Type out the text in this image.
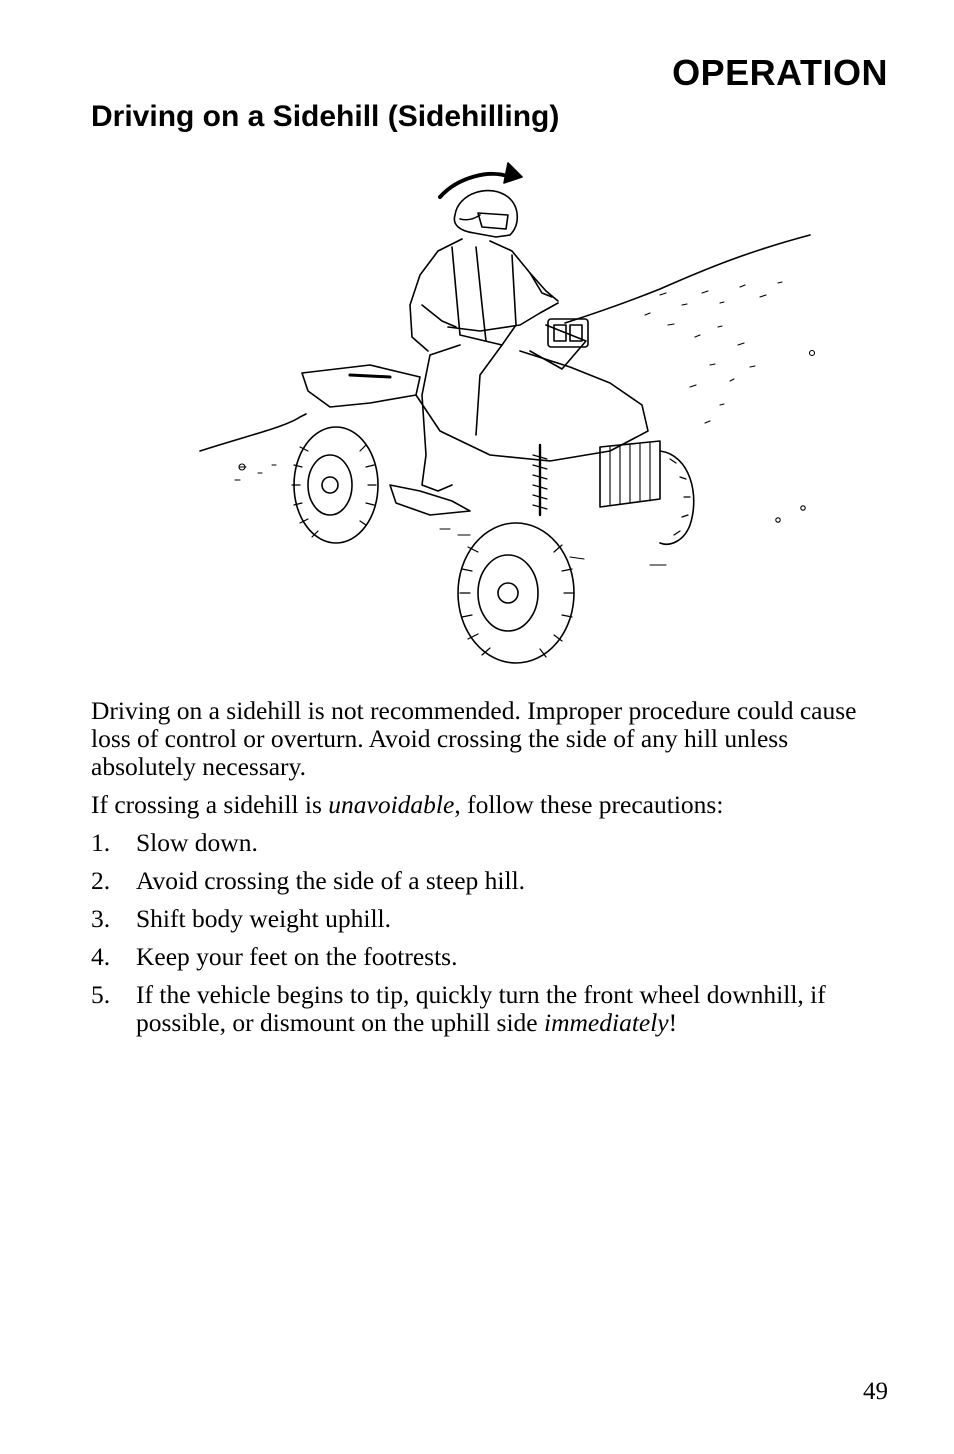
OPERATION
Driving on a Sidehill (Sidehilling)

Driving on a sidehill is not recommended. Improper procedure could cause loss of control or overturn. Avoid crossing the side of any hill unless absolutely necessary.

If crossing a sidehill is unavoidable, follow these precautions:

1. Slow down.
2. Avoid crossing the side of a steep hill.
3. Shift body weight uphill.
4. Keep your feet on the footrests.
5. If the vehicle begins to tip, quickly turn the front wheel downhill, if possible, or dismount on the uphill side immediately!
49
